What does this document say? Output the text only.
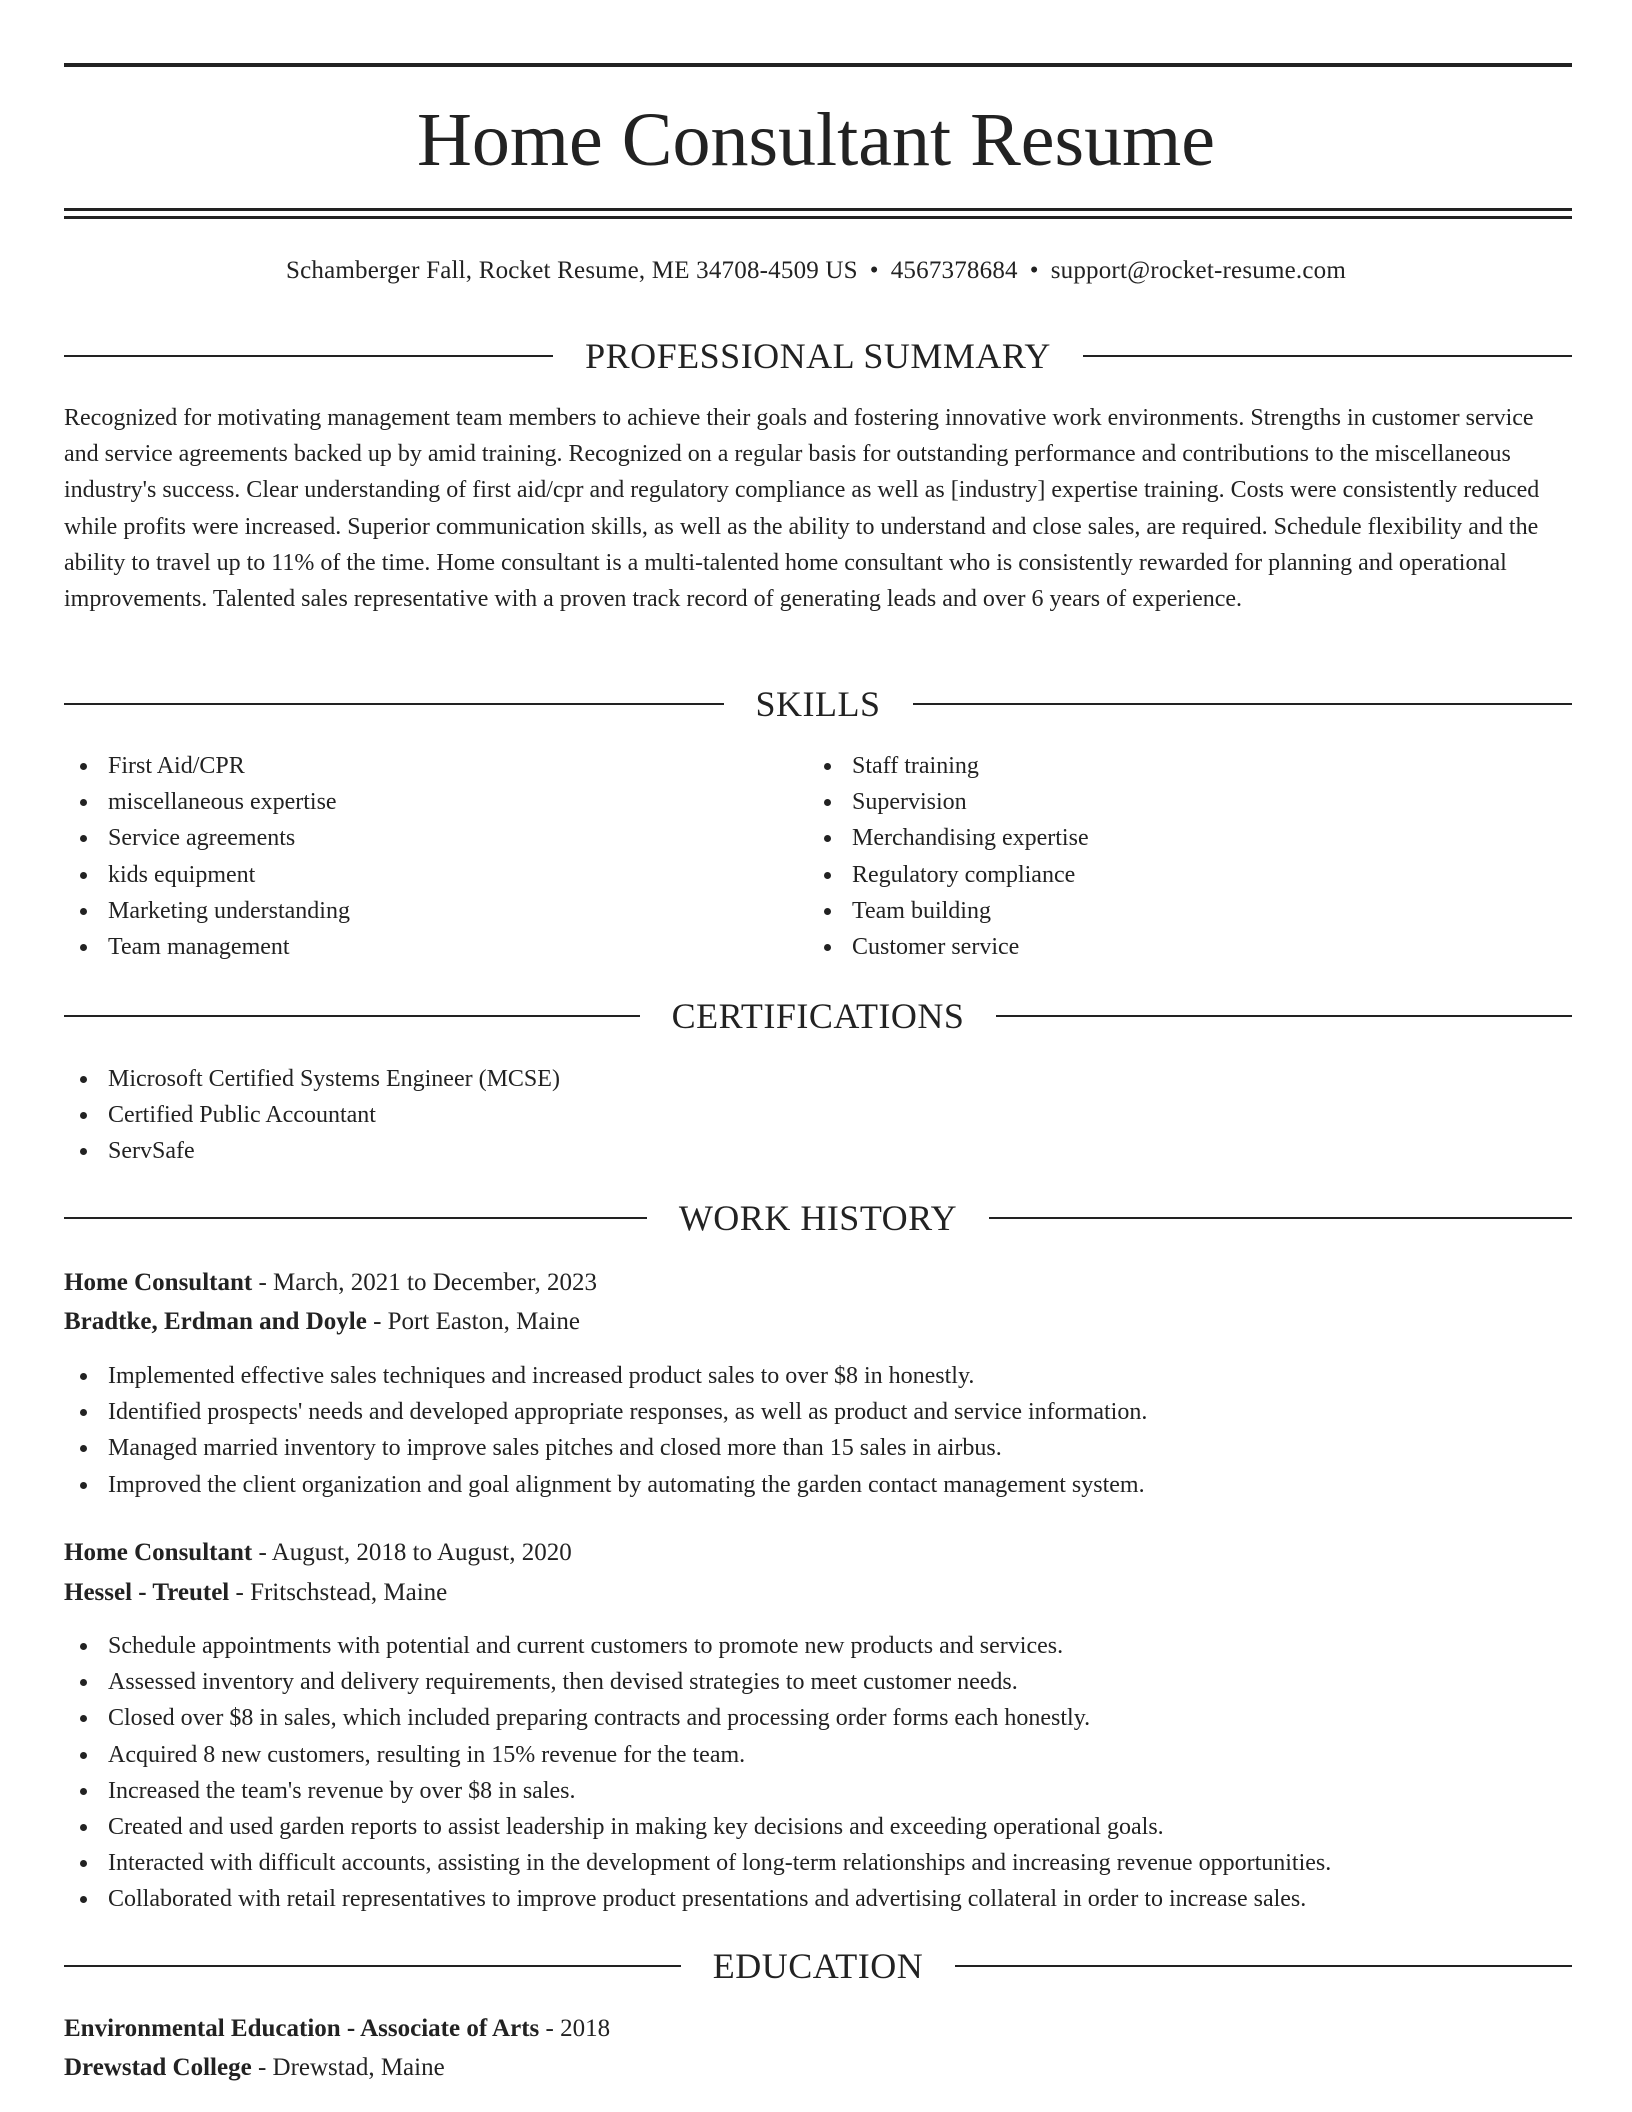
Home Consultant Resume
Schamberger Fall, Rocket Resume, ME 34708-4509 US • 4567378684 • support@rocket-resume.com
PROFESSIONAL SUMMARY

Recognized for motivating management team members to achieve their goals and fostering innovative work environments. Strengths in customer service and service agreements backed up by amid training. Recognized on a regular basis for outstanding performance and contributions to the miscellaneous industry's success. Clear understanding of first aid/cpr and regulatory compliance as well as [industry] expertise training. Costs were consistently reduced while profits were increased. Superior communication skills, as well as the ability to understand and close sales, are required. Schedule flexibility and the ability to travel up to 11% of the time. Home consultant is a multi-talented home consultant who is consistently rewarded for planning and operational improvements. Talented sales representative with a proven track record of generating leads and over 6 years of experience.

SKILLS
First Aid/CPR
miscellaneous expertise
Service agreements
kids equipment
Marketing understanding
Team management
Staff training
Supervision
Merchandising expertise
Regulatory compliance
Team building
Customer service
CERTIFICATIONS
Microsoft Certified Systems Engineer (MCSE)
Certified Public Accountant
ServSafe
WORK HISTORY
Home Consultant - March, 2021 to December, 2023
Bradtke, Erdman and Doyle - Port Easton, Maine
Implemented effective sales techniques and increased product sales to over $8 in honestly.
Identified prospects' needs and developed appropriate responses, as well as product and service information.
Managed married inventory to improve sales pitches and closed more than 15 sales in airbus.
Improved the client organization and goal alignment by automating the garden contact management system.
Home Consultant - August, 2018 to August, 2020
Hessel - Treutel - Fritschstead, Maine
Schedule appointments with potential and current customers to promote new products and services.
Assessed inventory and delivery requirements, then devised strategies to meet customer needs.
Closed over $8 in sales, which included preparing contracts and processing order forms each honestly.
Acquired 8 new customers, resulting in 15% revenue for the team.
Increased the team's revenue by over $8 in sales.
Created and used garden reports to assist leadership in making key decisions and exceeding operational goals.
Interacted with difficult accounts, assisting in the development of long-term relationships and increasing revenue opportunities.
Collaborated with retail representatives to improve product presentations and advertising collateral in order to increase sales.
EDUCATION
Environmental Education - Associate of Arts - 2018
Drewstad College - Drewstad, Maine
